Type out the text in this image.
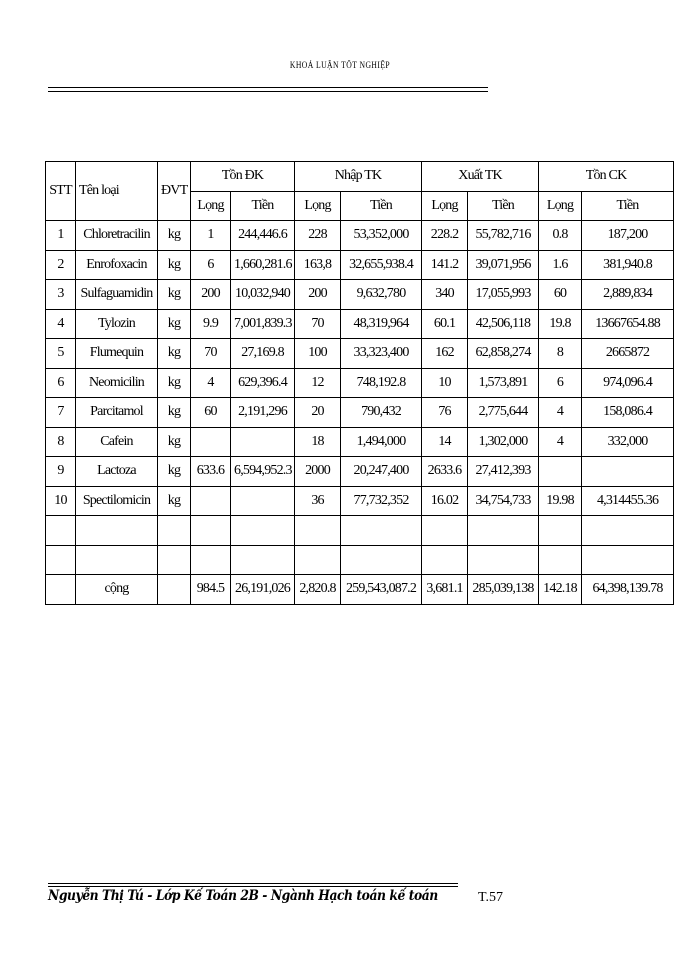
KHOÁ LUẬN TỐT NGHIỆP
STT	Tên loại	ĐVT	Tồn ĐK		Nhập TK		Xuất TK		Tồn CK	
			Lọng	Tiền	Lọng	Tiền	Lọng	Tiền	Lọng	Tiền
1	Chloretracilin	kg	1	244,446.6	228	53,352,000	228.2	55,782,716	0.8	187,200
2	Enrofoxacin	kg	6	1,660,281.6	163,8	32,655,938.4	141.2	39,071,956	1.6	381,940.8
3	Sulfaguamidin	kg	200	10,032,940	200	9,632,780	340	17,055,993	60	2,889,834
4	Tylozin	kg	9.9	7,001,839.3	70	48,319,964	60.1	42,506,118	19.8	13667654.88
5	Flumequin	kg	70	27,169.8	100	33,323,400	162	62,858,274	8	2665872
6	Neomicilin	kg	4	629,396.4	12	748,192.8	10	1,573,891	6	974,096.4
7	Parcitamol	kg	60	2,191,296	20	790,432	76	2,775,644	4	158,086.4
8	Cafein	kg			18	1,494,000	14	1,302,000	4	332,000
9	Lactoza	kg	633.6	6,594,952.3	2000	20,247,400	2633.6	27,412,393		
10	Spectilomicin	kg			36	77,732,352	16.02	34,754,733	19.98	4,314455.36

	cộng		984.5	26,191,026	2,820.8	259,543,087.2	3,681.1	285,039,138	142.18	64,398,139.78
Nguyễn Thị Tú - Lớp Kế Toán 2B - Ngành Hạch toán kế toán	T.57
